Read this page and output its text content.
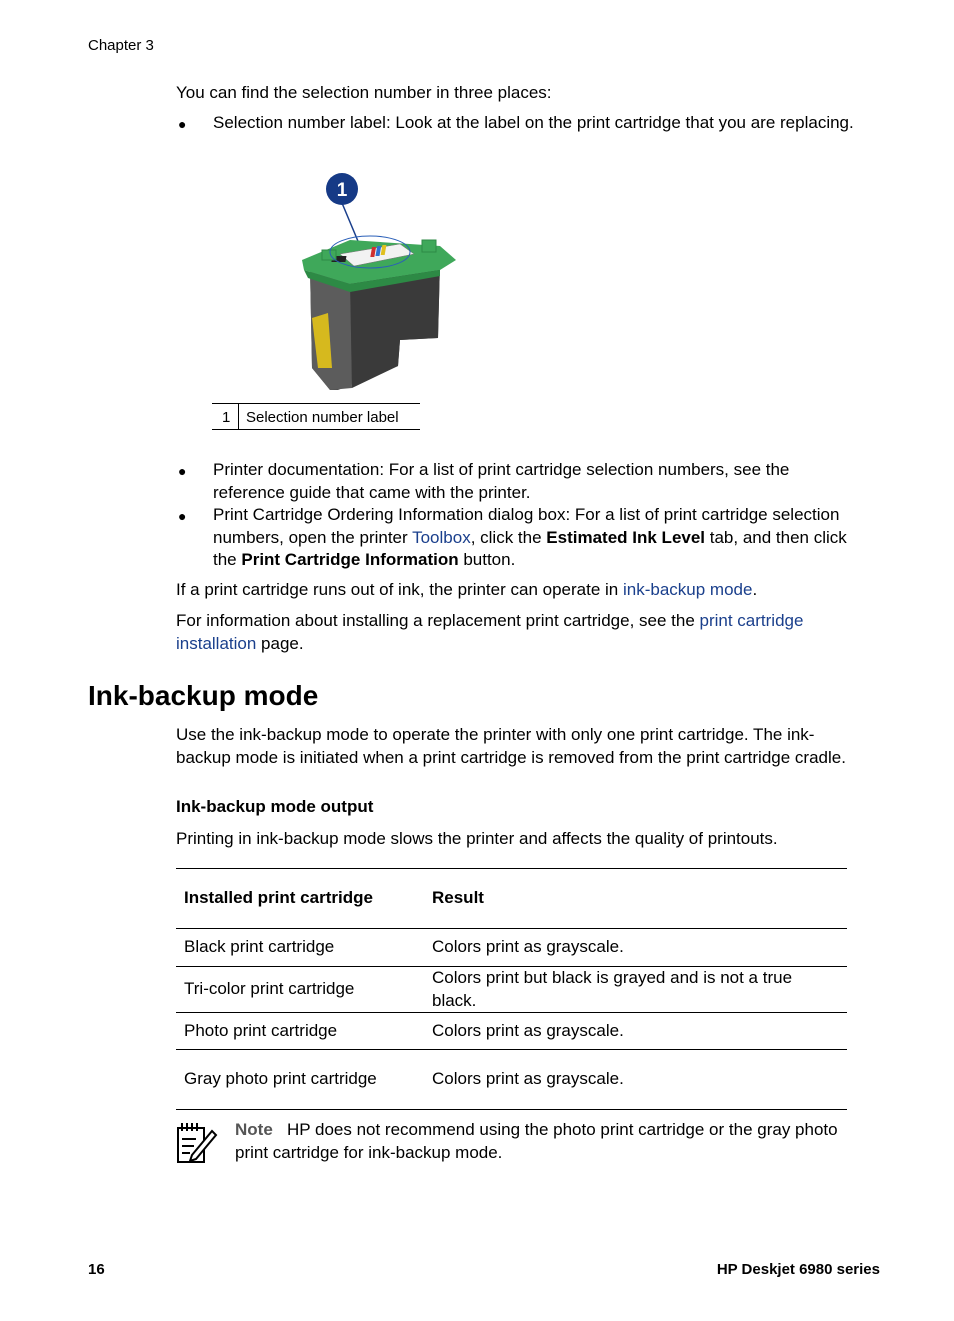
Chapter 3
You can find the selection number in three places:
● Selection number label: Look at the label on the print cartridge that you are replacing.
1
1 Selection number label
● Printer documentation: For a list of print cartridge selection numbers, see the
reference guide that came with the printer.
● Print Cartridge Ordering Information dialog box: For a list of print cartridge selection
numbers, open the printer Toolbox, click the Estimated Ink Level tab, and then click
the Print Cartridge Information button.
If a print cartridge runs out of ink, the printer can operate in ink-backup mode.
For information about installing a replacement print cartridge, see the print cartridge
installation page.
Ink-backup mode
Use the ink-backup mode to operate the printer with only one print cartridge. The ink-
backup mode is initiated when a print cartridge is removed from the print cartridge cradle.
Ink-backup mode output
Printing in ink-backup mode slows the printer and affects the quality of printouts.
Installed print cartridge	Result
Black print cartridge	Colors print as grayscale.
Tri-color print cartridge	Colors print but black is grayed and is not a true black.
Photo print cartridge	Colors print as grayscale.
Gray photo print cartridge	Colors print as grayscale.
Note HP does not recommend using the photo print cartridge or the gray photo
print cartridge for ink-backup mode.
16	HP Deskjet 6980 series
